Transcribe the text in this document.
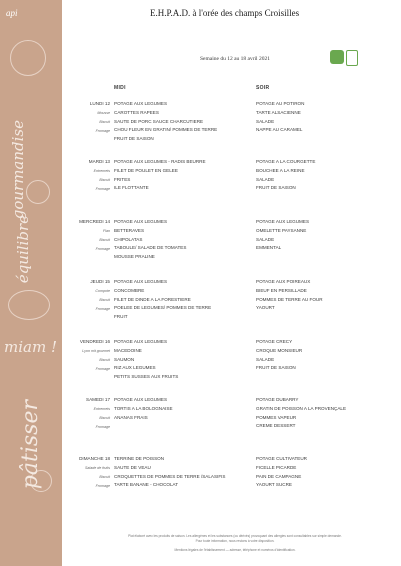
api
gourmandise
équilibre
miam !
pâtisser
E.H.P.A.D. à l'orée des champs Croisilles
Semaine du 12 au 18 avril 2021
MIDI	SOIR
LUNDI 12
Mousse
Biscuit
Fromage
POTAGE AUX LEGUMES
CAROTTES RAPEES
SAUTE DE PORC SAUCE CHARCUTIERE
CHOU FLEUR EN GRATIN/ POMMES DE TERRE
FRUIT DE SAISON
POTAGE AU POTIRON
TARTE ALSACIENNE
SALADE
NAPPE AU CARAMEL
MARDI 13
Entremets
Biscuit
Fromage
POTAGE AUX LEGUMES - RADIS BEURRE
FILET DE POULET EN GELEE
FRITES
ILE FLOTTANTE
POTAGE A LA COURGETTE
BOUCHEE A LA REINE
SALADE
FRUIT DE SAISON
MERCREDI 14
Flan
Biscuit
Fromage
POTAGE AUX LEGUMES
BETTERAVES
CHIPOLATAS
TABOULE/ SALADE DE TOMATES
MOUSSE PRALINE
POTAGE AUX LEGUMES
OMELETTE PAYSANNE
SALADE
EMMENTAL
JEUDI 15
Compote
Biscuit
Fromage
POTAGE AUX LEGUMES
CONCOMBRE
FILET DE DINDE A LA FORESTIERE
POELEE DE LEGUMES/ POMMES DE TERRE
FRUIT
POTAGE AUX POIREAUX
BIEUF EN PERSILLADE
POMMES DE TERRE AU FOUR
YAOURT
VENDREDI 16
Lyon mit gourmet
Biscuit
Fromage
POTAGE AUX LEGUMES
MACEDOINE
SAUMON
RIZ AUX LEGUMES
PETITS SUSSES AUX FRUITS
POTAGE CRECY
CROQUE MONSIEUR
SALADE
FRUIT DE SAISON
SAMEDI 17
Entremets
Biscuit
Fromage
POTAGE AUX LEGUMES
TORTIS A LA BOLOGNAISE
ANANAS FRAIS
POTAGE DUBARRY
GRATIN DE POISSON A LA PROVENÇALE
POMMES VAPEUR
CREME DESSERT
DIMANCHE 18
Salade de fruits
Biscuit
Fromage
TERRINE DE POISSON
SAUTE DE VEAU
CROQUETTES DE POMMES DE TERRE /SALASIFIS
TARTE BANANE - CHOCOLAT
POTAGE CULTIVATEUR
FICELLE PICARDE
PAIN DE CAMPAGNE
YAOURT SUCRE
Plat élaboré avec les produits de saison. Les allergènes et les substances (ou dérivés) provoquant des allergies sont consultables sur simple demande.
Pour toute information, nous restons à votre disposition.
Mentions légales de l'établissement — adresse, téléphone et numéros d'identification.
